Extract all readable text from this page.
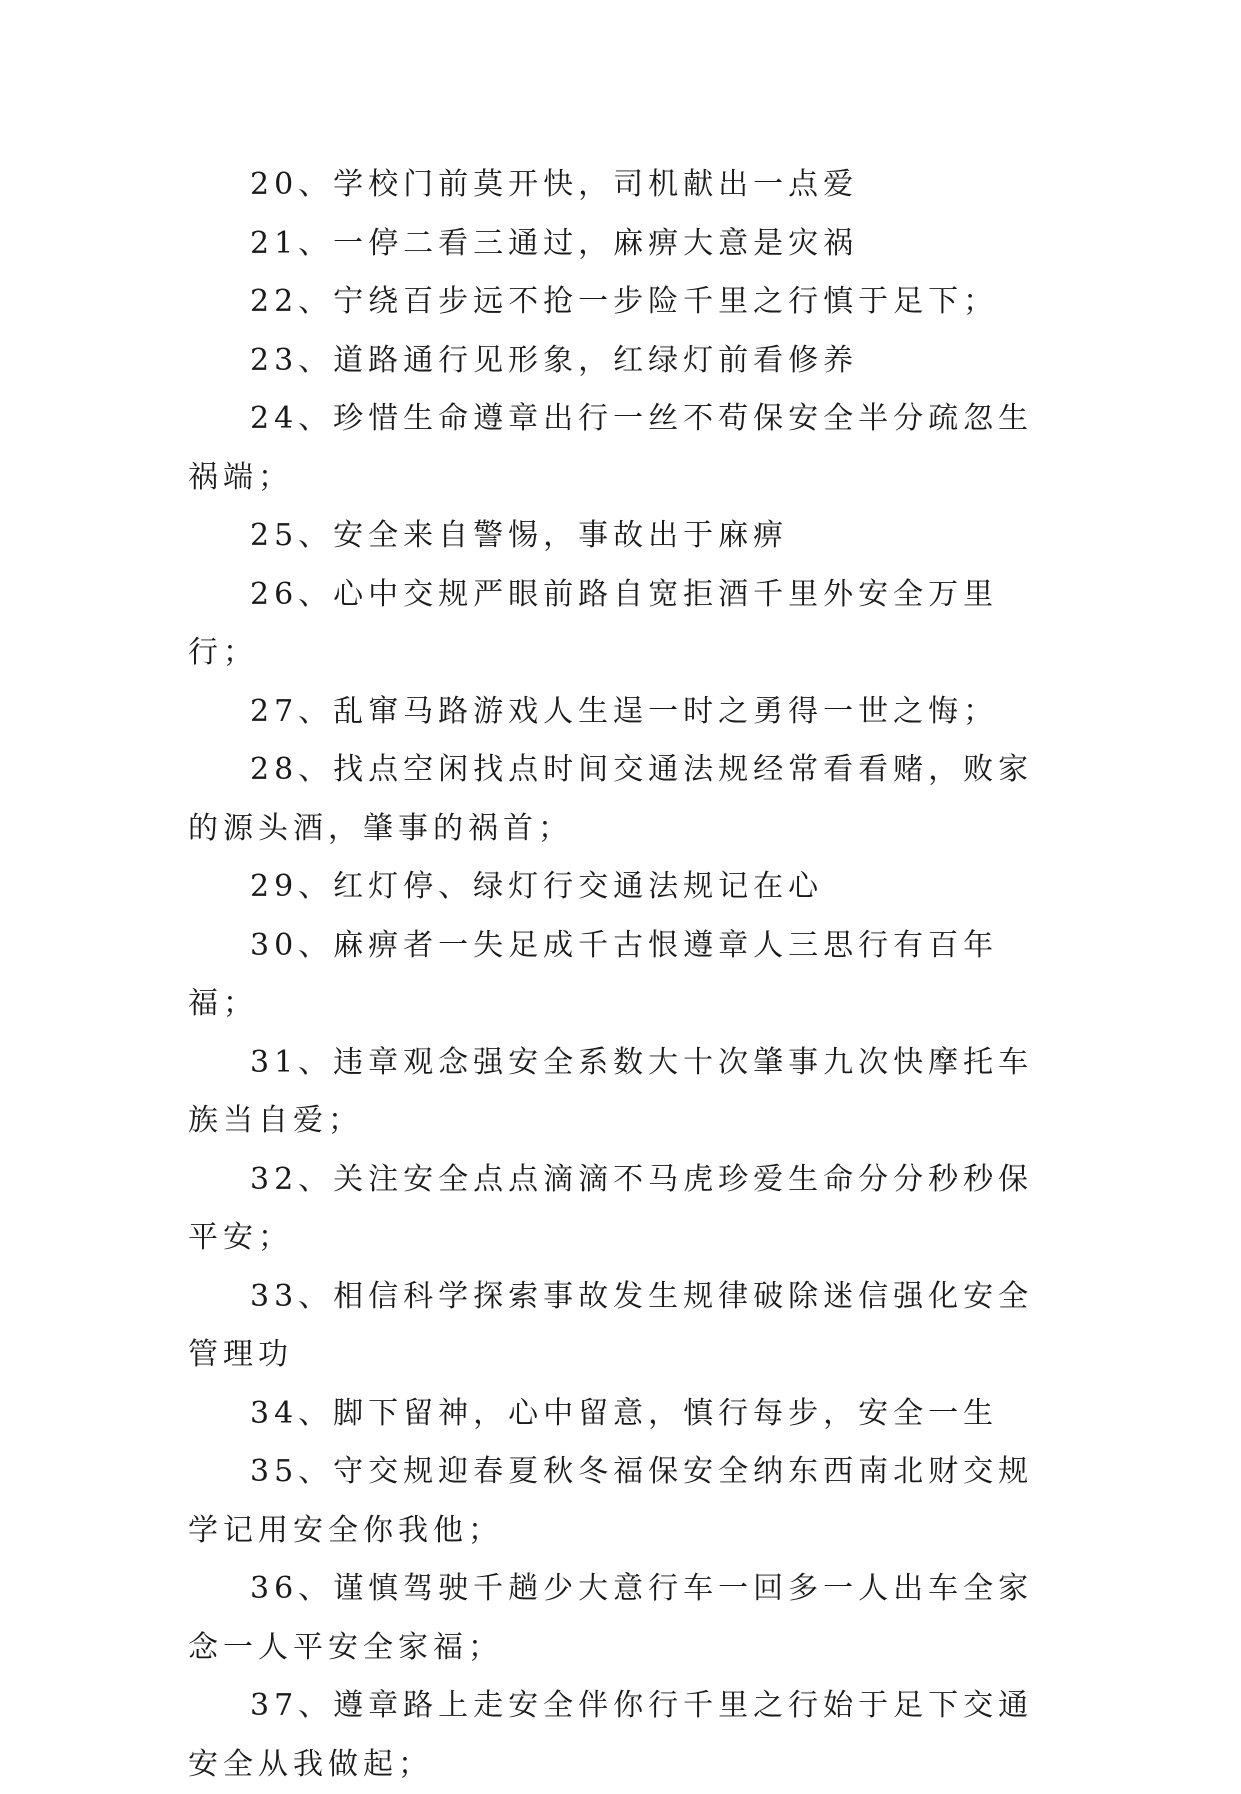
20、学校门前莫开快，司机献出一点爱

21、一停二看三通过，麻痹大意是灾祸

22、宁绕百步远不抢一步险千里之行慎于足下；

23、道路通行见形象，红绿灯前看修养

24、珍惜生命遵章出行一丝不苟保安全半分疏忽生祸端；

25、安全来自警惕，事故出于麻痹

26、心中交规严眼前路自宽拒酒千里外安全万里行；

27、乱窜马路游戏人生逞一时之勇得一世之悔；

28、找点空闲找点时间交通法规经常看看赌，败家的源头酒，肇事的祸首；

29、红灯停、绿灯行交通法规记在心

30、麻痹者一失足成千古恨遵章人三思行有百年福；

31、违章观念强安全系数大十次肇事九次快摩托车族当自爱；

32、关注安全点点滴滴不马虎珍爱生命分分秒秒保平安；

33、相信科学探索事故发生规律破除迷信强化安全管理功

34、脚下留神，心中留意，慎行每步，安全一生

35、守交规迎春夏秋冬福保安全纳东西南北财交规学记用安全你我他；

36、谨慎驾驶千趟少大意行车一回多一人出车全家念一人平安全家福；

37、遵章路上走安全伴你行千里之行始于足下交通安全从我做起；
